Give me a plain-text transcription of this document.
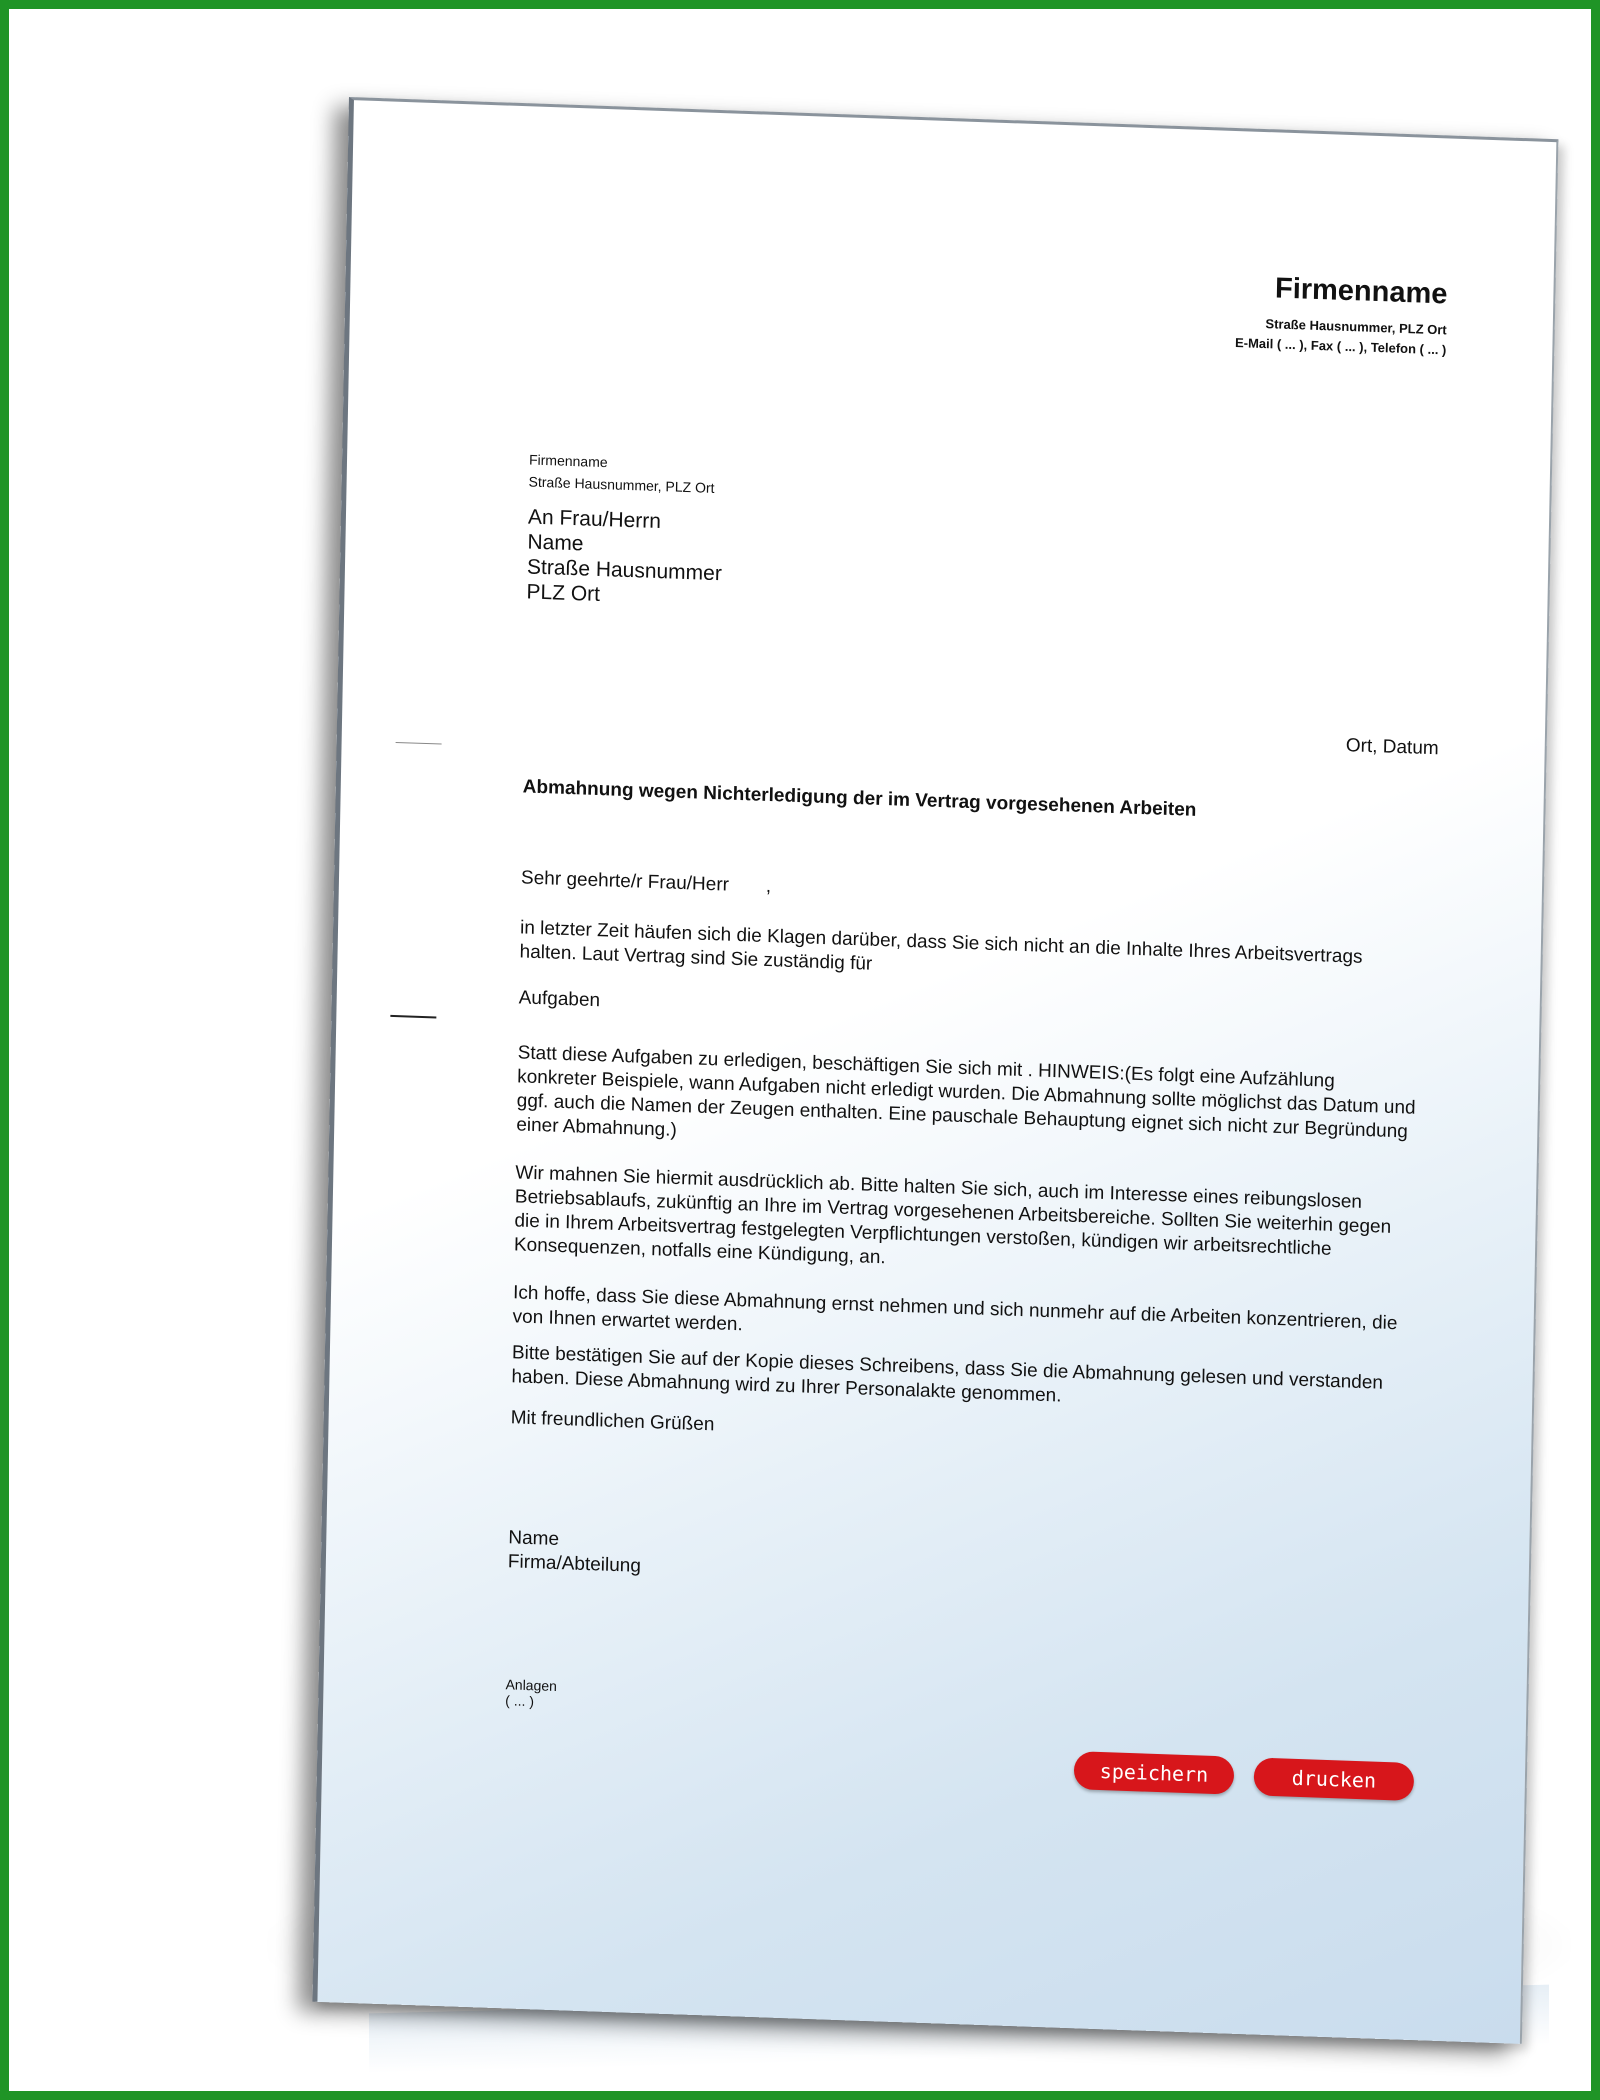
Firmenname
Straße Hausnummer, PLZ Ort
E-Mail ( ... ), Fax ( ... ), Telefon ( ... )
Firmenname
Straße Hausnummer, PLZ Ort
An Frau/Herrn
Name
Straße Hausnummer
PLZ Ort
Ort, Datum
Abmahnung wegen Nichterledigung der im Vertrag vorgesehenen Arbeiten
Sehr geehrte/r Frau/Herr       ,
in letzter Zeit häufen sich die Klagen darüber, dass Sie sich nicht an die Inhalte Ihres Arbeitsvertrags halten. Laut Vertrag sind Sie zuständig für
Aufgaben
Statt diese Aufgaben zu erledigen, beschäftigen Sie sich mit . HINWEIS:(Es folgt eine Aufzählung konkreter Beispiele, wann Aufgaben nicht erledigt wurden. Die Abmahnung sollte möglichst das Datum und ggf. auch die Namen der Zeugen enthalten. Eine pauschale Behauptung eignet sich nicht zur Begründung einer Abmahnung.)
Wir mahnen Sie hiermit ausdrücklich ab. Bitte halten Sie sich, auch im Interesse eines reibungslosen Betriebsablaufs, zukünftig an Ihre im Vertrag vorgesehenen Arbeitsbereiche. Sollten Sie weiterhin gegen die in Ihrem Arbeitsvertrag festgelegten Verpflichtungen verstoßen, kündigen wir arbeitsrechtliche Konsequenzen, notfalls eine Kündigung, an.
Ich hoffe, dass Sie diese Abmahnung ernst nehmen und sich nunmehr auf die Arbeiten konzentrieren, die von Ihnen erwartet werden.
Bitte bestätigen Sie auf der Kopie dieses Schreibens, dass Sie die Abmahnung gelesen und verstanden haben. Diese Abmahnung wird zu Ihrer Personalakte genommen.
Mit freundlichen Grüßen
Name
Firma/Abteilung
Anlagen
( ... )
speichern	drucken
